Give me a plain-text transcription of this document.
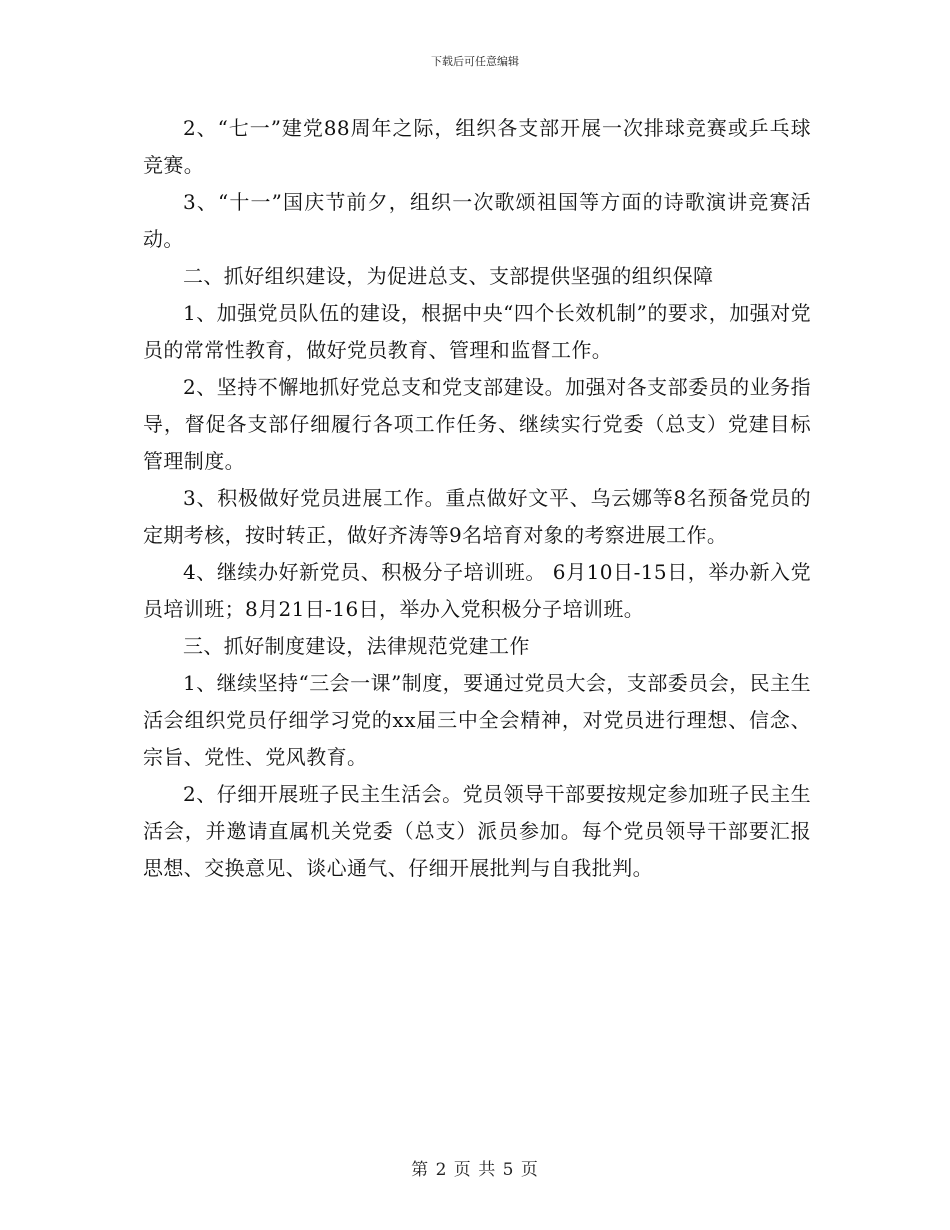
下载后可任意编辑

2、“七一”建党88周年之际，组织各支部开展一次排球竞赛或乒乓球竞赛。

3、“十一”国庆节前夕，组织一次歌颂祖国等方面的诗歌演讲竞赛活动。

二、抓好组织建设，为促进总支、支部提供坚强的组织保障

1、加强党员队伍的建设，根据中央“四个长效机制”的要求，加强对党员的常常性教育，做好党员教育、管理和监督工作。

2、坚持不懈地抓好党总支和党支部建设。加强对各支部委员的业务指导，督促各支部仔细履行各项工作任务、继续实行党委（总支）党建目标管理制度。

3、积极做好党员进展工作。重点做好文平、乌云娜等8名预备党员的定期考核，按时转正，做好齐涛等9名培育对象的考察进展工作。

4、继续办好新党员、积极分子培训班。 6月10日-15日，举办新入党员培训班；8月21日-16日，举办入党积极分子培训班。

三、抓好制度建设，法律规范党建工作

1、继续坚持“三会一课”制度，要通过党员大会，支部委员会，民主生活会组织党员仔细学习党的xx届三中全会精神，对党员进行理想、信念、宗旨、党性、党风教育。

2、仔细开展班子民主生活会。党员领导干部要按规定参加班子民主生活会，并邀请直属机关党委（总支）派员参加。每个党员领导干部要汇报思想、交换意见、谈心通气、仔细开展批判与自我批判。

第 2 页 共 5 页
